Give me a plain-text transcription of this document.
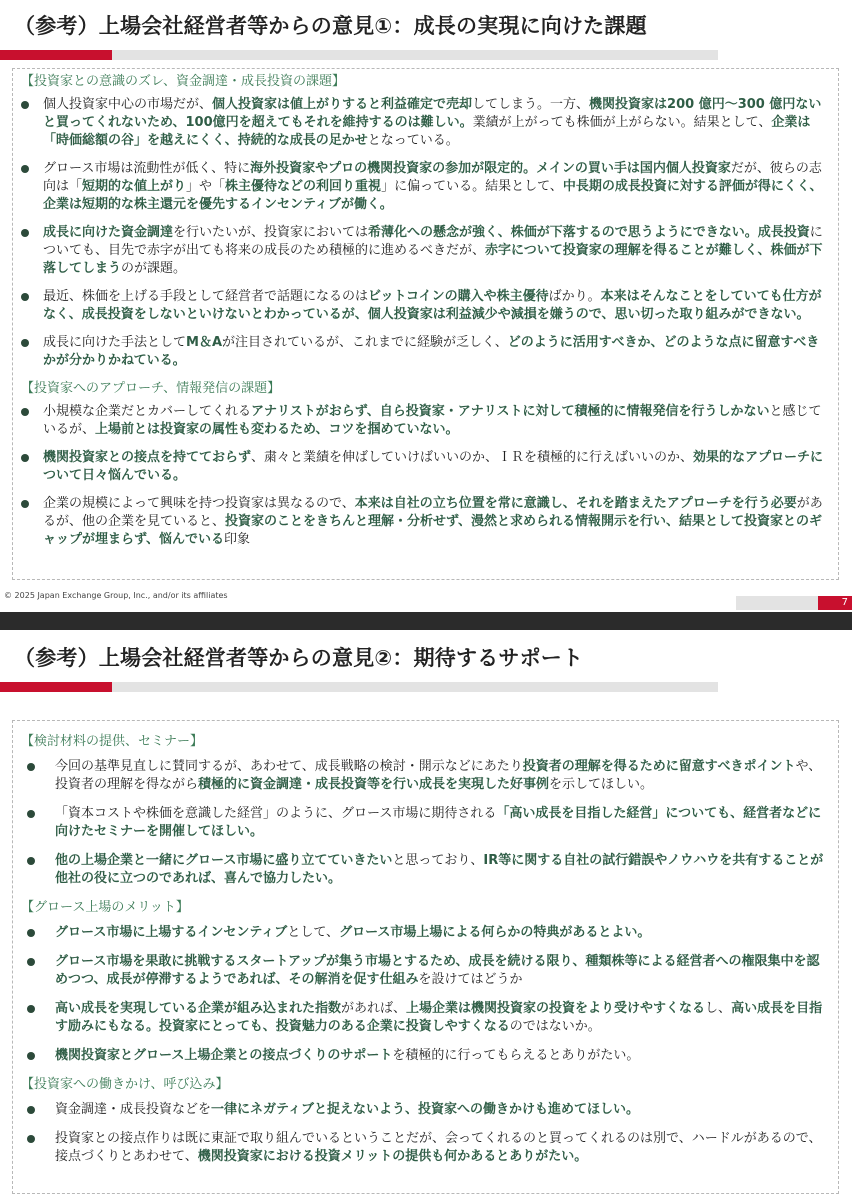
（参考）上場会社経営者等からの意見①：成長の実現に向けた課題
【投資家との意識のズレ、資金調達・成長投資の課題】
個人投資家中心の市場だが、個人投資家は値上がりすると利益確定で売却してしまう。一方、機関投資家は200 億円～300 億円ないと買ってくれないため、100億円を超えてもそれを維持するのは難しい。業績が上がっても株価が上がらない。結果として、企業は「時価総額の谷」を越えにくく、持続的な成長の足かせとなっている。
グロース市場は流動性が低く、特に海外投資家やプロの機関投資家の参加が限定的。メインの買い手は国内個人投資家だが、彼らの志向は「短期的な値上がり」や「株主優待などの利回り重視」に偏っている。結果として、中長期の成長投資に対する評価が得にくく、企業は短期的な株主還元を優先するインセンティブが働く。
成長に向けた資金調達を行いたいが、投資家においては希薄化への懸念が強く、株価が下落するので思うようにできない。成長投資についても、目先で赤字が出ても将来の成長のため積極的に進めるべきだが、赤字について投資家の理解を得ることが難しく、株価が下落してしまうのが課題。
最近、株価を上げる手段として経営者で話題になるのはビットコインの購入や株主優待ばかり。本来はそんなことをしていても仕方がなく、成長投資をしないといけないとわかっているが、個人投資家は利益減少や減損を嫌うので、思い切った取り組みができない。
成長に向けた手法としてM＆Aが注目されているが、これまでに経験が乏しく、どのように活用すべきか、どのような点に留意すべきかが分かりかねている。
【投資家へのアプローチ、情報発信の課題】
小規模な企業だとカバーしてくれるアナリストがおらず、自ら投資家・アナリストに対して積極的に情報発信を行うしかないと感じているが、上場前とは投資家の属性も変わるため、コツを掴めていない。
機関投資家との接点を持てておらず、粛々と業績を伸ばしていけばいいのか、ＩＲを積極的に行えばいいのか、効果的なアプローチについて日々悩んでいる。
企業の規模によって興味を持つ投資家は異なるので、本来は自社の立ち位置を常に意識し、それを踏まえたアプローチを行う必要があるが、他の企業を見ていると、投資家のことをきちんと理解・分析せず、漫然と求められる情報開示を行い、結果として投資家とのギャップが埋まらず、悩んでいる印象
© 2025 Japan Exchange Group, Inc., and/or its affiliates
7
（参考）上場会社経営者等からの意見②：期待するサポート
【検討材料の提供、セミナー】
今回の基準見直しに賛同するが、あわせて、成長戦略の検討・開示などにあたり投資者の理解を得るために留意すべきポイントや、投資者の理解を得ながら積極的に資金調達・成長投資等を行い成長を実現した好事例を示してほしい。
「資本コストや株価を意識した経営」のように、グロース市場に期待される「高い成長を目指した経営」についても、経営者などに向けたセミナーを開催してほしい。
他の上場企業と一緒にグロース市場に盛り立てていきたいと思っており、IR等に関する自社の試行錯誤やノウハウを共有することが他社の役に立つのであれば、喜んで協力したい。
【グロース上場のメリット】
グロース市場に上場するインセンティブとして、グロース市場上場による何らかの特典があるとよい。
グロース市場を果敢に挑戦するスタートアップが集う市場とするため、成長を続ける限り、種類株等による経営者への権限集中を認めつつ、成長が停滞するようであれば、その解消を促す仕組みを設けてはどうか
高い成長を実現している企業が組み込まれた指数があれば、上場企業は機関投資家の投資をより受けやすくなるし、高い成長を目指す励みにもなる。投資家にとっても、投資魅力のある企業に投資しやすくなるのではないか。
機関投資家とグロース上場企業との接点づくりのサポートを積極的に行ってもらえるとありがたい。
【投資家への働きかけ、呼び込み】
資金調達・成長投資などを一律にネガティブと捉えないよう、投資家への働きかけも進めてほしい。
投資家との接点作りは既に東証で取り組んでいるということだが、会ってくれるのと買ってくれるのは別で、ハードルがあるので、接点づくりとあわせて、機関投資家における投資メリットの提供も何かあるとありがたい。
